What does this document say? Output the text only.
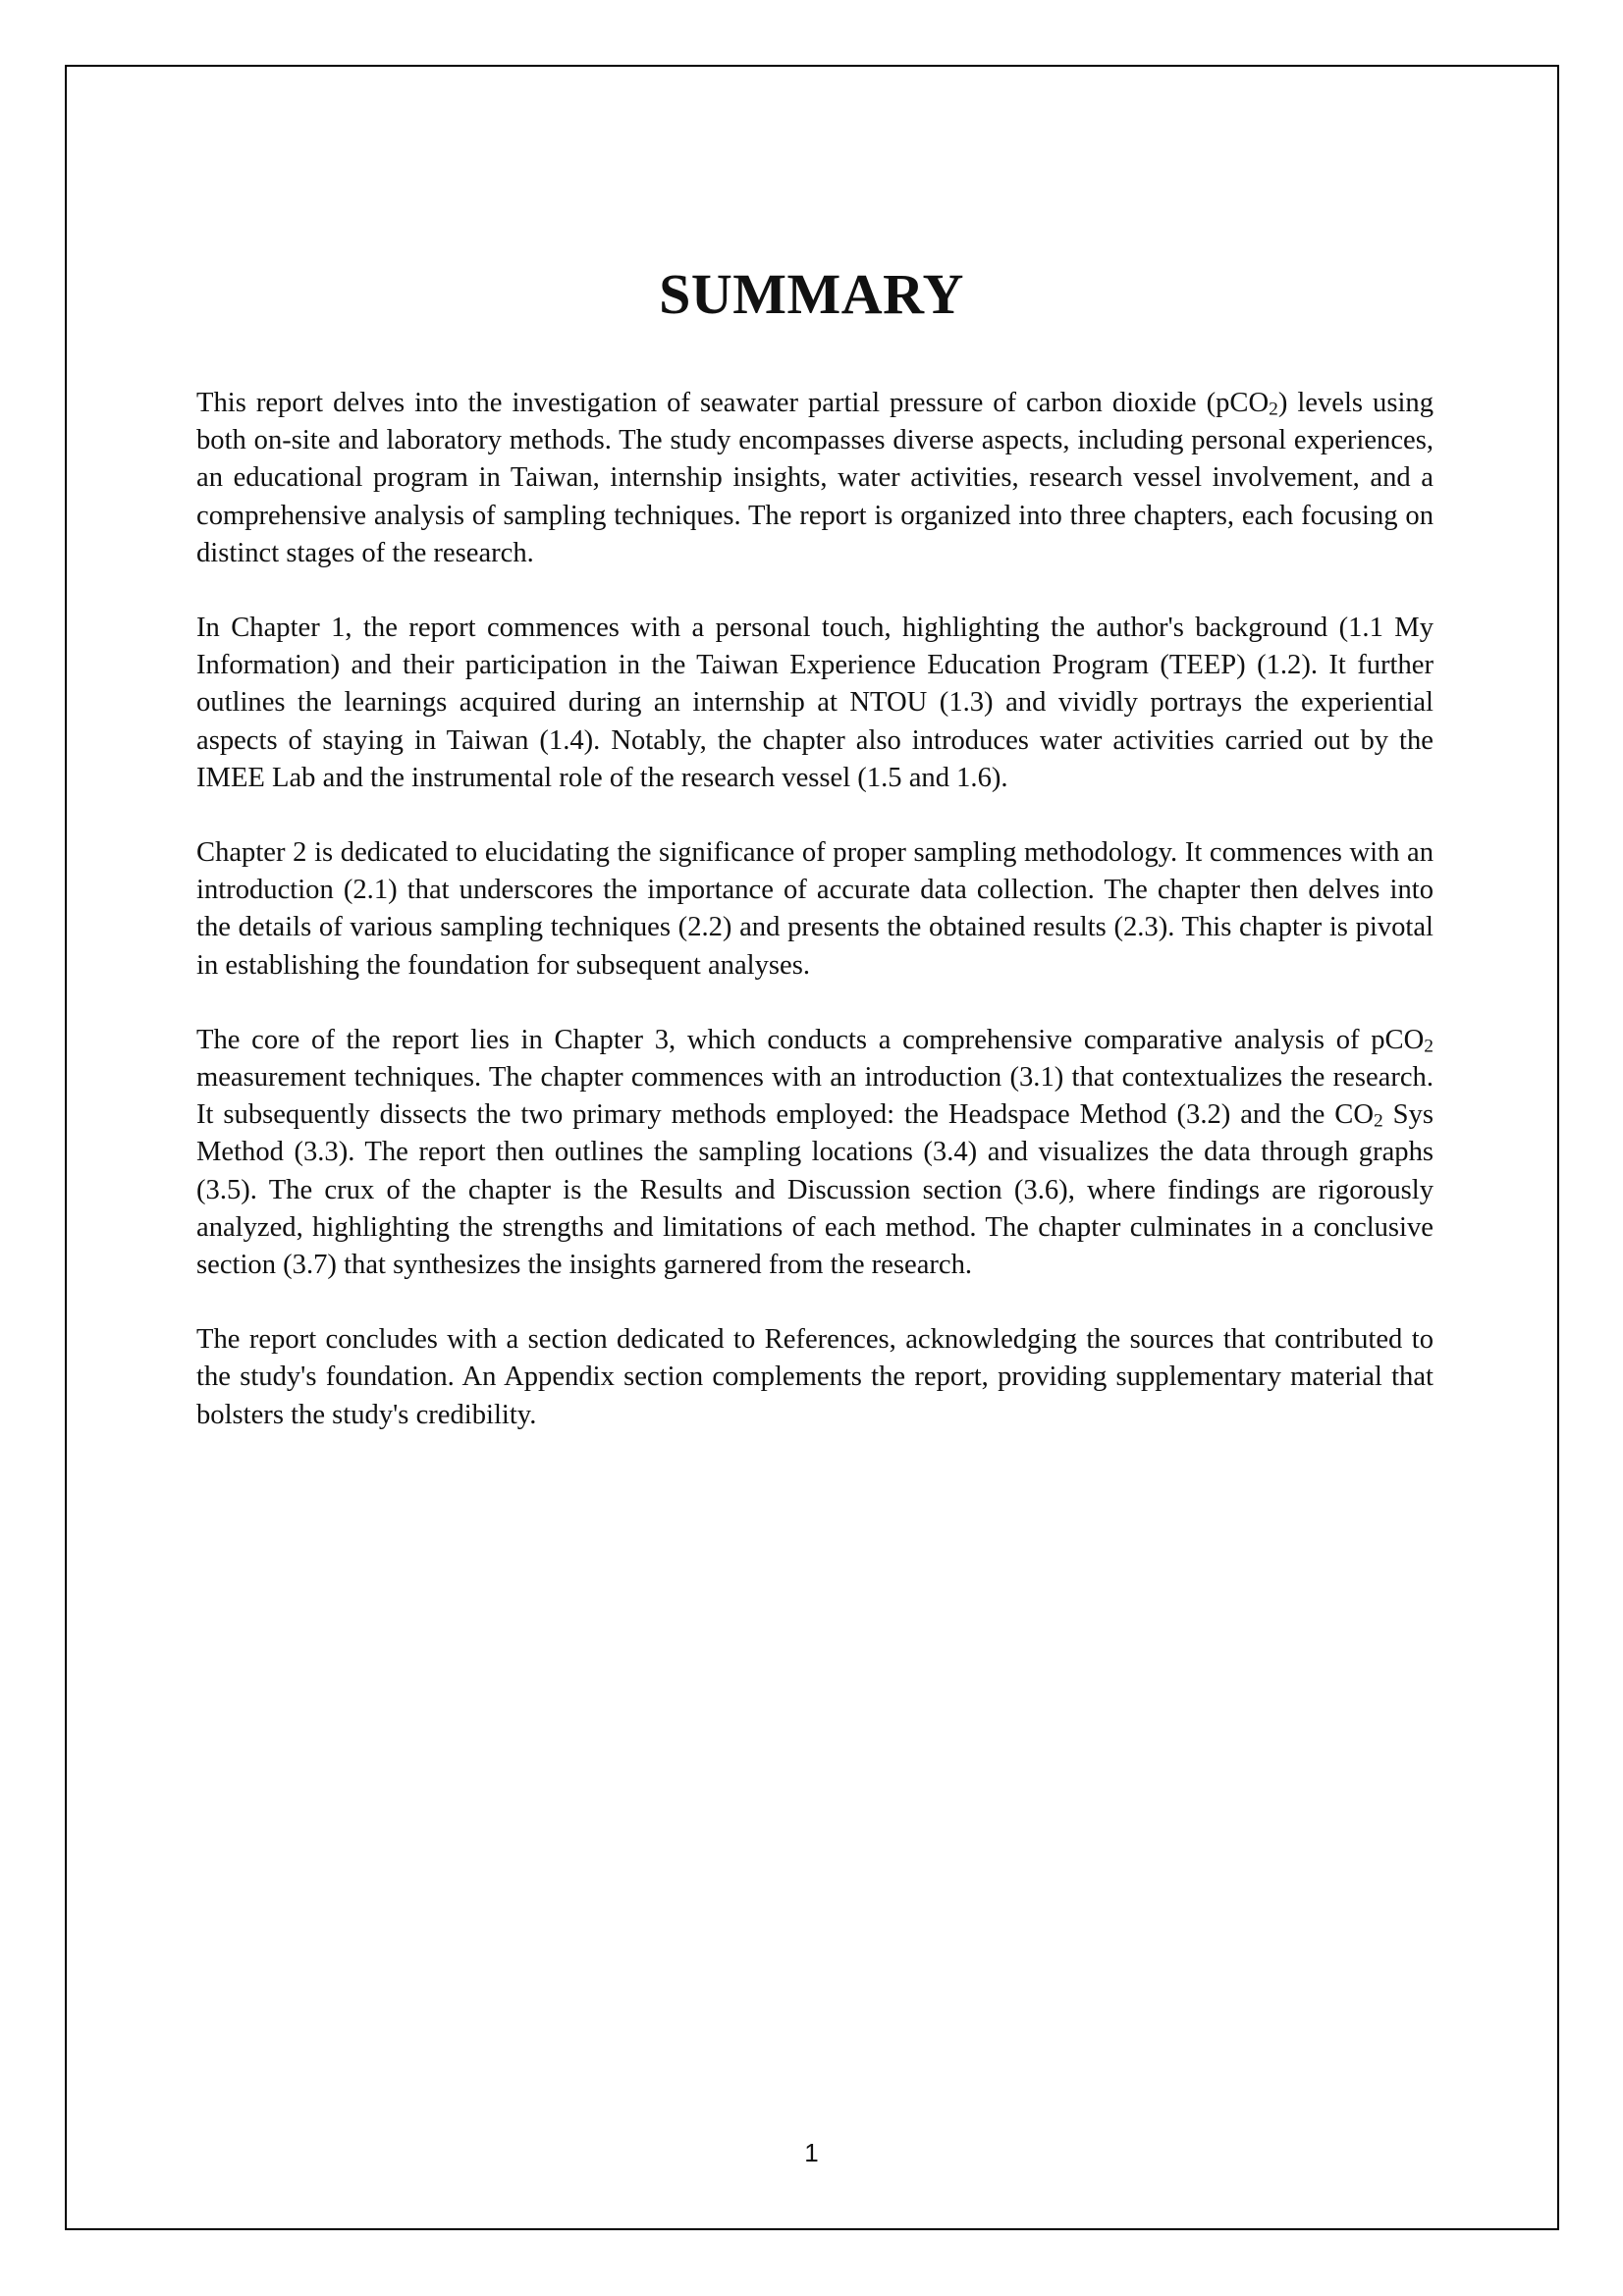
SUMMARY

This report delves into the investigation of seawater partial pressure of carbon dioxide (pCO$_2$) levels using both on-site and laboratory methods. The study encompasses diverse aspects, including personal experiences, an educational program in Taiwan, internship insights, water activities, research vessel involvement, and a comprehensive analysis of sampling techniques. The report is organized into three chapters, each focusing on distinct stages of the research.

In Chapter 1, the report commences with a personal touch, highlighting the author's background (1.1 My Information) and their participation in the Taiwan Experience Education Program (TEEP) (1.2). It further outlines the learnings acquired during an internship at NTOU (1.3) and vividly portrays the experiential aspects of staying in Taiwan (1.4). Notably, the chapter also introduces water activities carried out by the IMEE Lab and the instrumental role of the research vessel (1.5 and 1.6).

Chapter 2 is dedicated to elucidating the significance of proper sampling methodology. It commences with an introduction (2.1) that underscores the importance of accurate data collection. The chapter then delves into the details of various sampling techniques (2.2) and presents the obtained results (2.3). This chapter is pivotal in establishing the foundation for subsequent analyses.

The core of the report lies in Chapter 3, which conducts a comprehensive comparative analysis of pCO$_2$ measurement techniques. The chapter commences with an introduction (3.1) that contextualizes the research. It subsequently dissects the two primary methods employed: the Headspace Method (3.2) and the $CO_2$ Sys Method (3.3). The report then outlines the sampling locations (3.4) and visualizes the data through graphs (3.5). The crux of the chapter is the Results and Discussion section (3.6), where findings are rigorously analyzed, highlighting the strengths and limitations of each method. The chapter culminates in a conclusive section (3.7) that synthesizes the insights garnered from the research.

The report concludes with a section dedicated to References, acknowledging the sources that contributed to the study's foundation. An Appendix section complements the report, providing supplementary material that bolsters the study's credibility.

1
